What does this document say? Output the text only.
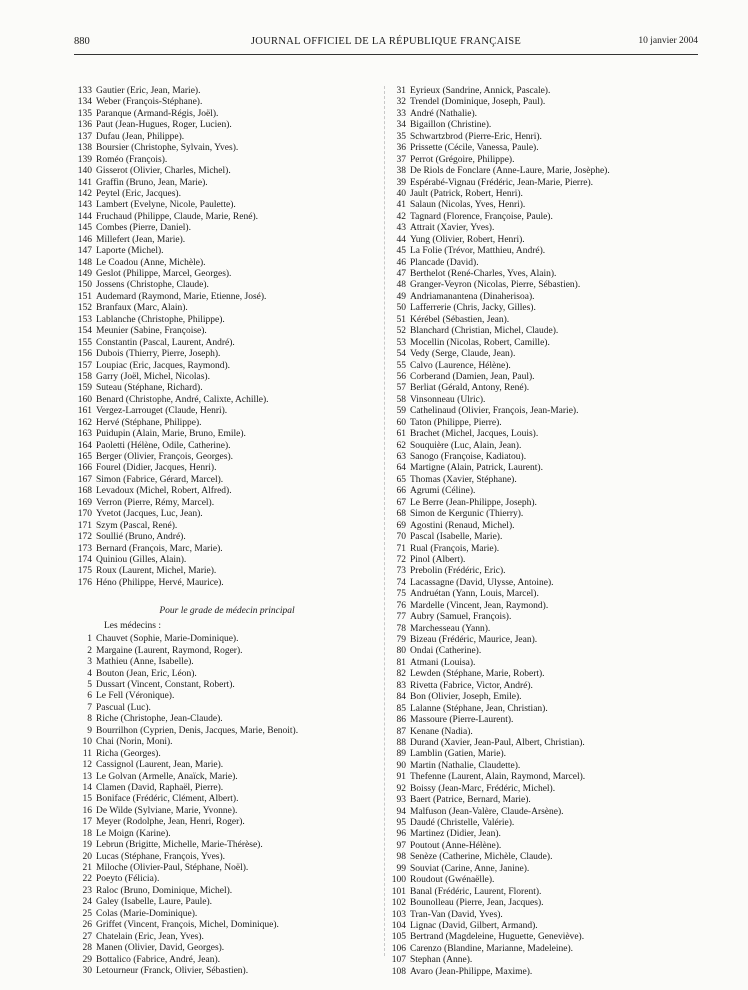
880	JOURNAL OFFICIEL DE LA RÉPUBLIQUE FRANÇAISE	10 janvier 2004
133 Gautier (Eric, Jean, Marie).
134 Weber (François-Stéphane).
135 Paranque (Armand-Régis, Joël).
136 Paut (Jean-Hugues, Roger, Lucien).
137 Dufau (Jean, Philippe).
138 Boursier (Christophe, Sylvain, Yves).
139 Roméo (François).
140 Gisserot (Olivier, Charles, Michel).
141 Graffin (Bruno, Jean, Marie).
142 Peytel (Eric, Jacques).
143 Lambert (Evelyne, Nicole, Paulette).
144 Fruchaud (Philippe, Claude, Marie, René).
145 Combes (Pierre, Daniel).
146 Millefert (Jean, Marie).
147 Laporte (Michel).
148 Le Coadou (Anne, Michèle).
149 Geslot (Philippe, Marcel, Georges).
150 Jossens (Christophe, Claude).
151 Audemard (Raymond, Marie, Etienne, José).
152 Branfaux (Marc, Alain).
153 Lablanche (Christophe, Philippe).
154 Meunier (Sabine, Françoise).
155 Constantin (Pascal, Laurent, André).
156 Dubois (Thierry, Pierre, Joseph).
157 Loupiac (Eric, Jacques, Raymond).
158 Garry (Joël, Michel, Nicolas).
159 Suteau (Stéphane, Richard).
160 Benard (Christophe, André, Calixte, Achille).
161 Vergez-Larrouget (Claude, Henri).
162 Hervé (Stéphane, Philippe).
163 Puidupin (Alain, Marie, Bruno, Emile).
164 Paoletti (Hélène, Odile, Catherine).
165 Berger (Olivier, François, Georges).
166 Fourel (Didier, Jacques, Henri).
167 Simon (Fabrice, Gérard, Marcel).
168 Levadoux (Michel, Robert, Alfred).
169 Verron (Pierre, Rémy, Marcel).
170 Yvetot (Jacques, Luc, Jean).
171 Szym (Pascal, René).
172 Soullié (Bruno, André).
173 Bernard (François, Marc, Marie).
174 Quiniou (Gilles, Alain).
175 Roux (Laurent, Michel, Marie).
176 Héno (Philippe, Hervé, Maurice).
Pour le grade de médecin principal
Les médecins :
1 Chauvet (Sophie, Marie-Dominique).
2 Margaine (Laurent, Raymond, Roger).
3 Mathieu (Anne, Isabelle).
4 Bouton (Jean, Eric, Léon).
5 Dussart (Vincent, Constant, Robert).
6 Le Fell (Véronique).
7 Pascual (Luc).
8 Riche (Christophe, Jean-Claude).
9 Bourrilhon (Cyprien, Denis, Jacques, Marie, Benoit).
10 Chai (Norin, Moni).
11 Richa (Georges).
12 Cassignol (Laurent, Jean, Marie).
13 Le Golvan (Armelle, Anaïck, Marie).
14 Clamen (David, Raphaël, Pierre).
15 Boniface (Frédéric, Clément, Albert).
16 De Wilde (Sylviane, Marie, Yvonne).
17 Meyer (Rodolphe, Jean, Henri, Roger).
18 Le Moign (Karine).
19 Lebrun (Brigitte, Michelle, Marie-Thérèse).
20 Lucas (Stéphane, François, Yves).
21 Miloche (Olivier-Paul, Stéphane, Noël).
22 Poeyto (Félicia).
23 Raloc (Bruno, Dominique, Michel).
24 Galey (Isabelle, Laure, Paule).
25 Colas (Marie-Dominique).
26 Griffet (Vincent, François, Michel, Dominique).
27 Chatelain (Eric, Jean, Yves).
28 Manen (Olivier, David, Georges).
29 Bottalico (Fabrice, André, Jean).
30 Letourneur (Franck, Olivier, Sébastien).
31 Eyrieux (Sandrine, Annick, Pascale).
32 Trendel (Dominique, Joseph, Paul).
33 André (Nathalie).
34 Bigaillon (Christine).
35 Schwartzbrod (Pierre-Eric, Henri).
36 Prissette (Cécile, Vanessa, Paule).
37 Perrot (Grégoire, Philippe).
38 De Riols de Fonclare (Anne-Laure, Marie, Josèphe).
39 Espérabé-Vignau (Frédéric, Jean-Marie, Pierre).
40 Jault (Patrick, Robert, Henri).
41 Salaun (Nicolas, Yves, Henri).
42 Tagnard (Florence, Françoise, Paule).
43 Attrait (Xavier, Yves).
44 Yung (Olivier, Robert, Henri).
45 La Folie (Trévor, Matthieu, André).
46 Plancade (David).
47 Berthelot (René-Charles, Yves, Alain).
48 Granger-Veyron (Nicolas, Pierre, Sébastien).
49 Andriamanantena (Dinaherisoa).
50 Lafferrerie (Chris, Jacky, Gilles).
51 Kérébel (Sébastien, Jean).
52 Blanchard (Christian, Michel, Claude).
53 Mocellin (Nicolas, Robert, Camille).
54 Vedy (Serge, Claude, Jean).
55 Calvo (Laurence, Hélène).
56 Corberand (Damien, Jean, Paul).
57 Berliat (Gérald, Antony, René).
58 Vinsonneau (Ulric).
59 Cathelinaud (Olivier, François, Jean-Marie).
60 Taton (Philippe, Pierre).
61 Brachet (Michel, Jacques, Louis).
62 Souquière (Luc, Alain, Jean).
63 Sanogo (Françoise, Kadiatou).
64 Martigne (Alain, Patrick, Laurent).
65 Thomas (Xavier, Stéphane).
66 Agrumi (Céline).
67 Le Berre (Jean-Philippe, Joseph).
68 Simon de Kergunic (Thierry).
69 Agostini (Renaud, Michel).
70 Pascal (Isabelle, Marie).
71 Rual (François, Marie).
72 Pinol (Albert).
73 Prebolin (Frédéric, Eric).
74 Lacassagne (David, Ulysse, Antoine).
75 Andruétan (Yann, Louis, Marcel).
76 Mardelle (Vincent, Jean, Raymond).
77 Aubry (Samuel, François).
78 Marchesseau (Yann).
79 Bizeau (Frédéric, Maurice, Jean).
80 Ondai (Catherine).
81 Atmani (Louisa).
82 Lewden (Stéphane, Marie, Robert).
83 Rivetta (Fabrice, Victor, André).
84 Bon (Olivier, Joseph, Emile).
85 Lalanne (Stéphane, Jean, Christian).
86 Massoure (Pierre-Laurent).
87 Kenane (Nadia).
88 Durand (Xavier, Jean-Paul, Albert, Christian).
89 Lamblin (Gatien, Marie).
90 Martin (Nathalie, Claudette).
91 Thefenne (Laurent, Alain, Raymond, Marcel).
92 Boissy (Jean-Marc, Frédéric, Michel).
93 Baert (Patrice, Bernard, Marie).
94 Malfuson (Jean-Valère, Claude-Arsène).
95 Daudé (Christelle, Valérie).
96 Martinez (Didier, Jean).
97 Poutout (Anne-Hélène).
98 Senèze (Catherine, Michèle, Claude).
99 Souviat (Carine, Anne, Janine).
100 Roudout (Gwénaëlle).
101 Banal (Frédéric, Laurent, Florent).
102 Bounolleau (Pierre, Jean, Jacques).
103 Tran-Van (David, Yves).
104 Lignac (David, Gilbert, Armand).
105 Bertrand (Magdeleine, Huguette, Geneviève).
106 Carenzo (Blandine, Marianne, Madeleine).
107 Stephan (Anne).
108 Avaro (Jean-Philippe, Maxime).
